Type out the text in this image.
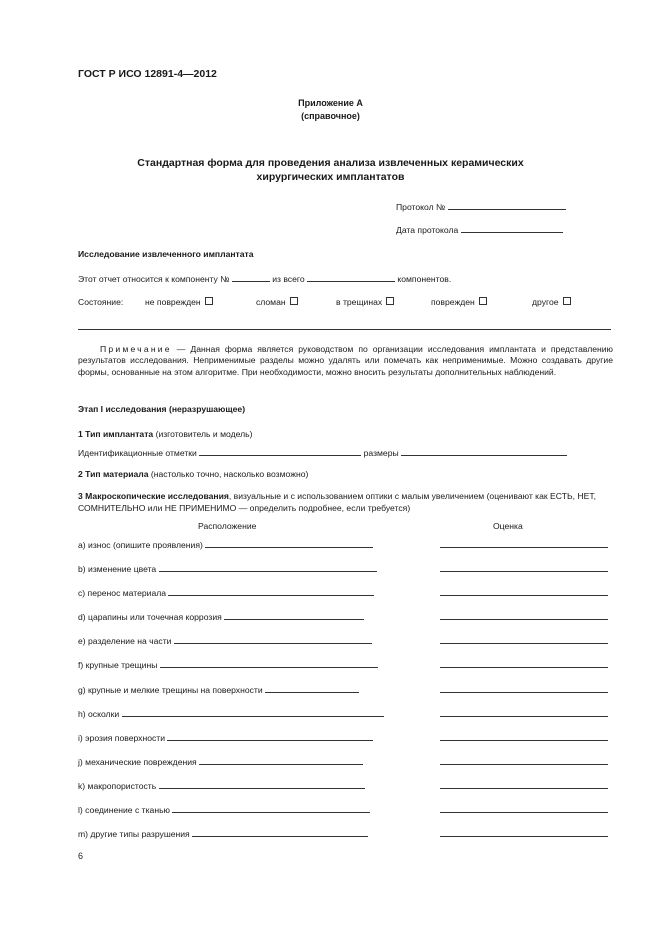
ГОСТ Р ИСО 12891-4—2012
Приложение А
(справочное)
Стандартная форма для проведения анализа извлеченных керамических
хирургических имплантатов
Протокол №
Дата протокола
Исследование извлеченного имплантата
Этот отчет относится к компоненту №	из всего	компонентов.
Состояние:	не поврежден	сломан	в трещинах	поврежден	другое
Примечание — Данная форма является руководством по организации исследования имплантата и представлению результатов исследования. Неприменимые разделы можно удалять или помечать как неприменимые. Можно создавать другие формы, основанные на этом алгоритме. При необходимости, можно вносить результаты дополнительных наблюдений.
Этап I исследования (неразрушающее)
1 Тип имплантата (изготовитель и модель)
Идентификационные отметки	размеры
2 Тип материала (настолько точно, насколько возможно)
3 Макроскопические исследования, визуальные и с использованием оптики с малым увеличением (оценивают как ЕСТЬ, НЕТ, СОМНИТЕЛЬНО или НЕ ПРИМЕНИМО — определить подробнее, если требуется)
Расположение	Оценка
a) износ (опишите проявления)
b) изменение цвета
c) перенос материала
d) царапины или точечная коррозия
e) разделение на части
f) крупные трещины
g) крупные и мелкие трещины на поверхности
h) осколки
i) эрозия поверхности
j) механические повреждения
k) макропористость
l) соединение с тканью
m) другие типы разрушения
6
